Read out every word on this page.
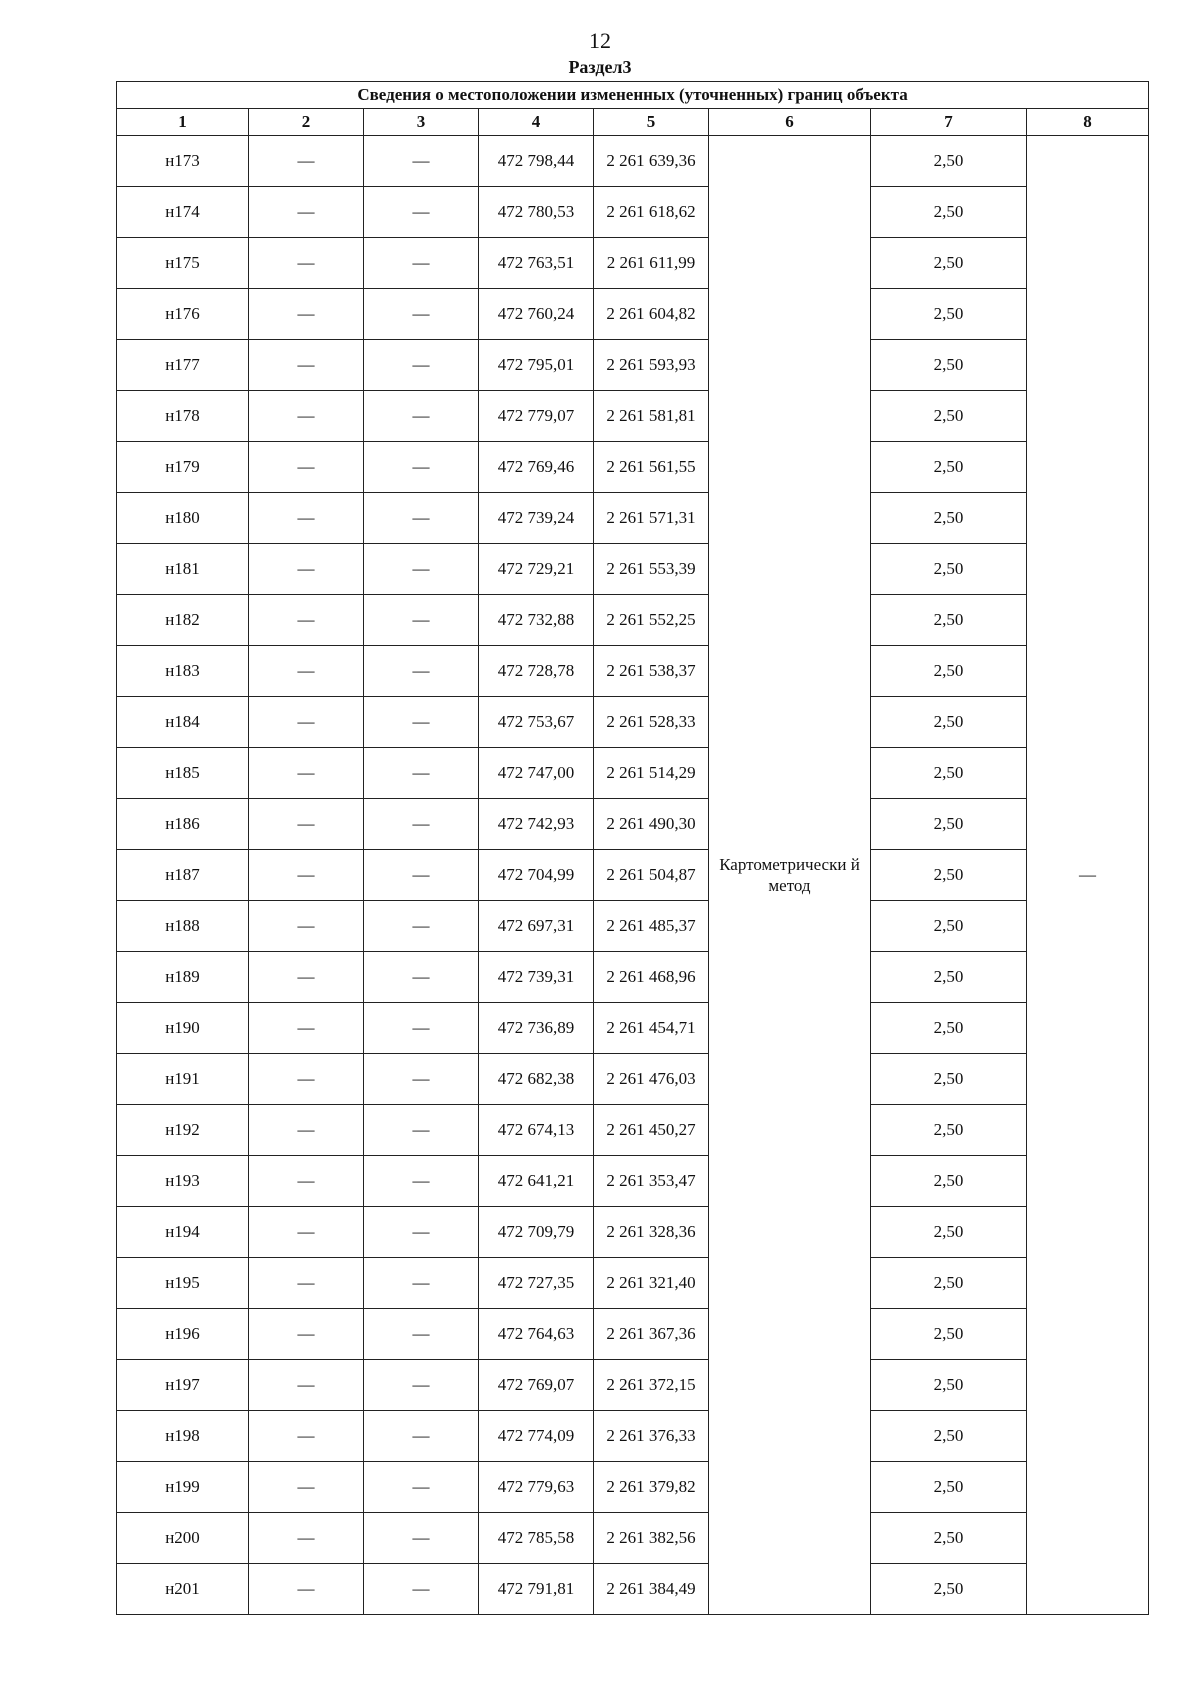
12
Раздел3
Сведения о местоположении измененных (уточненных) границ объекта							
1	2	3	4	5	6	7	8
н173	—	—	472 798,44	2 261 639,36	Картометрически й метод	2,50	—
н174	—	—	472 780,53	2 261 618,62		2,50	
н175	—	—	472 763,51	2 261 611,99		2,50	
н176	—	—	472 760,24	2 261 604,82		2,50	
н177	—	—	472 795,01	2 261 593,93		2,50	
н178	—	—	472 779,07	2 261 581,81		2,50	
н179	—	—	472 769,46	2 261 561,55		2,50	
н180	—	—	472 739,24	2 261 571,31		2,50	
н181	—	—	472 729,21	2 261 553,39		2,50	
н182	—	—	472 732,88	2 261 552,25		2,50	
н183	—	—	472 728,78	2 261 538,37		2,50	
н184	—	—	472 753,67	2 261 528,33		2,50	
н185	—	—	472 747,00	2 261 514,29		2,50	
н186	—	—	472 742,93	2 261 490,30		2,50	
н187	—	—	472 704,99	2 261 504,87		2,50	
н188	—	—	472 697,31	2 261 485,37		2,50	
н189	—	—	472 739,31	2 261 468,96		2,50	
н190	—	—	472 736,89	2 261 454,71		2,50	
н191	—	—	472 682,38	2 261 476,03		2,50	
н192	—	—	472 674,13	2 261 450,27		2,50	
н193	—	—	472 641,21	2 261 353,47		2,50	
н194	—	—	472 709,79	2 261 328,36		2,50	
н195	—	—	472 727,35	2 261 321,40		2,50	
н196	—	—	472 764,63	2 261 367,36		2,50	
н197	—	—	472 769,07	2 261 372,15		2,50	
н198	—	—	472 774,09	2 261 376,33		2,50	
н199	—	—	472 779,63	2 261 379,82		2,50	
н200	—	—	472 785,58	2 261 382,56		2,50	
н201	—	—	472 791,81	2 261 384,49		2,50	
